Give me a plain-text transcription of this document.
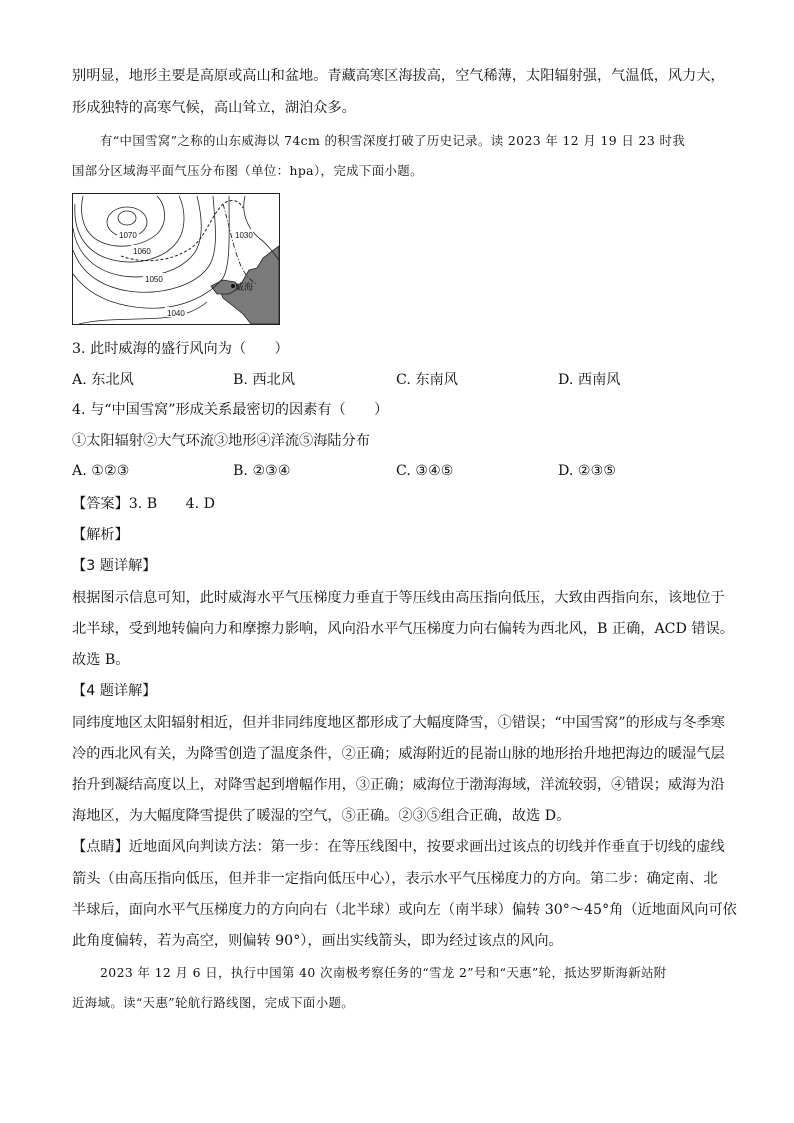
别明显，地形主要是高原或高山和盆地。青藏高寒区海拔高，空气稀薄，太阳辐射强，气温低，风力大，
形成独特的高寒气候，高山耸立，湖泊众多。
有“中国雪窝”之称的山东威海以 74cm 的积雪深度打破了历史记录。读 2023 年 12 月 19 日 23 时我
国部分区域海平面气压分布图（单位：hpa），完成下面小题。
1030
1070
1060
1050
1040
威海
3. 此时威海的盛行风向为（　　）
A. 东北风	B. 西北风	C. 东南风	D. 西南风
4. 与“中国雪窝”形成关系最密切的因素有（　　）
①太阳辐射②大气环流③地形④洋流⑤海陆分布
A. ①②③	B. ②③④	C. ③④⑤	D. ②③⑤
【答案】3. B　　4. D
【解析】
【3 题详解】
根据图示信息可知，此时威海水平气压梯度力垂直于等压线由高压指向低压，大致由西指向东，该地位于
北半球，受到地转偏向力和摩擦力影响，风向沿水平气压梯度力向右偏转为西北风，B 正确，ACD 错误。
故选 B。
【4 题详解】
同纬度地区太阳辐射相近，但并非同纬度地区都形成了大幅度降雪，①错误；“中国雪窝”的形成与冬季寒
冷的西北风有关，为降雪创造了温度条件，②正确；威海附近的昆嵛山脉的地形抬升地把海边的暖湿气层
抬升到凝结高度以上，对降雪起到增幅作用，③正确；威海位于渤海海域，洋流较弱，④错误；威海为沿
海地区，为大幅度降雪提供了暖湿的空气，⑤正确。②③⑤组合正确，故选 D。
【点睛】近地面风向判读方法：第一步：在等压线图中，按要求画出过该点的切线并作垂直于切线的虚线
箭头（由高压指向低压，但并非一定指向低压中心），表示水平气压梯度力的方向。第二步：确定南、北
半球后，面向水平气压梯度力的方向向右（北半球）或向左（南半球）偏转 30°～45°角（近地面风向可依
此角度偏转，若为高空，则偏转 90°），画出实线箭头，即为经过该点的风向。
2023 年 12 月 6 日，执行中国第 40 次南极考察任务的“雪龙 2”号和“天惠”轮，抵达罗斯海新站附
近海域。读“天惠”轮航行路线图，完成下面小题。
